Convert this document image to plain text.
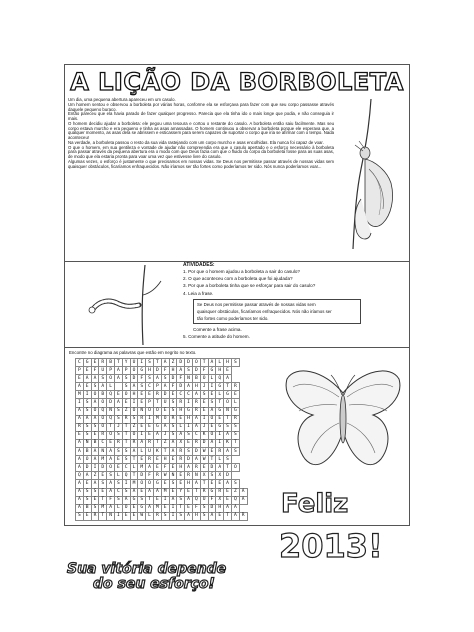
A LIÇÃO DA BORBOLETA

Um dia, uma pequena abertura apareceu em um casulo.

Um homem sentou e observou a borboleta por várias horas, conforme ela se esforçava para fazer com que seu corpo passasse através daquele pequeno buraco.

Então pareceu que ela havia parado de fazer qualquer progresso. Parecia que ela tinha ido o mais longe que podia, e não conseguia ir mais.

O homem decidiu ajudar a borboleta: ele pegou uma tesoura e cortou o restante do casulo. A borboleta então saiu facilmente. Mas seu corpo estava murcho e era pequeno e tinha as asas amassadas. O homem continuou a observar a borboleta porque ele esperava que, a qualquer momento, as asas dela se abrissem e esticassem para serem capazes de suportar o corpo que iria se afirmar com o tempo. Nada aconteceu!

Na verdade, a borboleta passou o resto da sua vida rastejando com um corpo murcho e asas encolhidas. Ela nunca foi capaz de voar.

O que o homem, em sua gentileza e vontade de ajudar não compreendia era que o casulo apertado e o esforço necessário à borboleta para passar através da pequena abertura era o modo com que Deus fazia com que o fluido do corpo da borboleta fosse para as suas asas, de modo que ela estaria pronta para voar uma vez que estivesse livre do casulo.

Algumas vezes, o esforço é justamente o que precisamos em nossas vidas. Se Deus nos permitisse passar através de nossas vidas sem quaisquer obstáculos, ficaríamos enfraquecidos. Não iríamos ser tão fortes como poderíamos ter sido. Nós nunca poderíamos voar...

ATIVIDADES:
1. Por que o homem ajudou a borboleta a sair do casulo?
2. O que aconteceu com a borboleta que foi ajudada?
3. Por que a borboleta tinha que se esforçar para sair do casulo?
4. Leia a frase.
Se Deus nos permitisse passar através de nossas vidas sem
quaisquer obstáculos, ficaríamos enfraquecidos. Nós não iríamos ser
tão fortes como poderíamos ter sido.
Comente a frase acima.
5. Comente a atitude do homem.
Encontre no diagrama as palavras que estão em negrito no texto.
C	G	E	R	B	T	Y	U	I	S	T	A	Z	D	D	O	T	A	L	H	S	
P	E	F	U	P	A	P	O	G	H	D	F	H	A	S	D	F	G	H	E		
E	A	A	S	O	A	S	D	F	S	A	S	D	F	N	B	O	L	Q	A		
A	E	S	A	L		S	A	S	C	P	A	F	D	A	H	J	I	G	T	R	
M	I	O	B	Q	E	O	H	E	E	R	D	E	C	C	A	S	E	L	G	E	
I	S	A	O	D	A	E	I	E	P	T	U	S	R	I	R	E	S	T	O	L	
A	S	O	Q	N	S	Z	O	N	O	O	E	S	H	G	R	E	A	G	N	G	
A	A	A	O	Q	S	R	S	R	I	M	O	R	E	H	A	I	O	E	T	R	
R	S	S	O	T	J	T	Z	E	E	G	A	S	L	I	A	J	E	G	S	S	
E	S	E	R	O	S	T	O	I	E	A	J	S	A	S	C	K	O	I	A	S	
A	N	B	C	E	R	T	R	A	R	T	Z	A	X	E	R	D	A	I	K	T	
A	B	A	N	A	S	S	A	L	U	K	T	A	R	S	D	W	E	R	A	S	
A	O	A	M	A	E	S	T	E	R	E	H	E	R	D	A	W	T	L	S		
A	D	I	D	O	E	C	L	M	A	E	F	E	H	A	R	E	D	A	T	O	
Q	A	Z	E	S	L	Q	T	D	F	R	W	N	E	R	N	X	S	X	D		
A	E	A	S	A	S	I	M	O	O	G	E	S	E	H	A	T	E	E	A	S	
A	S	S	E	A	C	S	A	E	A	A	M	E	Y	E	T	R	G	R	E	Z	A
A	S	E	T	F	S	A	G	S	T	E	I	A	S	A	Q	U	F	X	E	Q	A
A	B	S	M	A	L	O	E	G	A	M	E	I	T	E	F	S	D	H	A	A	
S	E	R	T	N	I	E	E	W	L	R	S	I	S	A	H	S	A	E	T	A	R Feliz
2013!
Sua vitória depende
do seu esforço!
